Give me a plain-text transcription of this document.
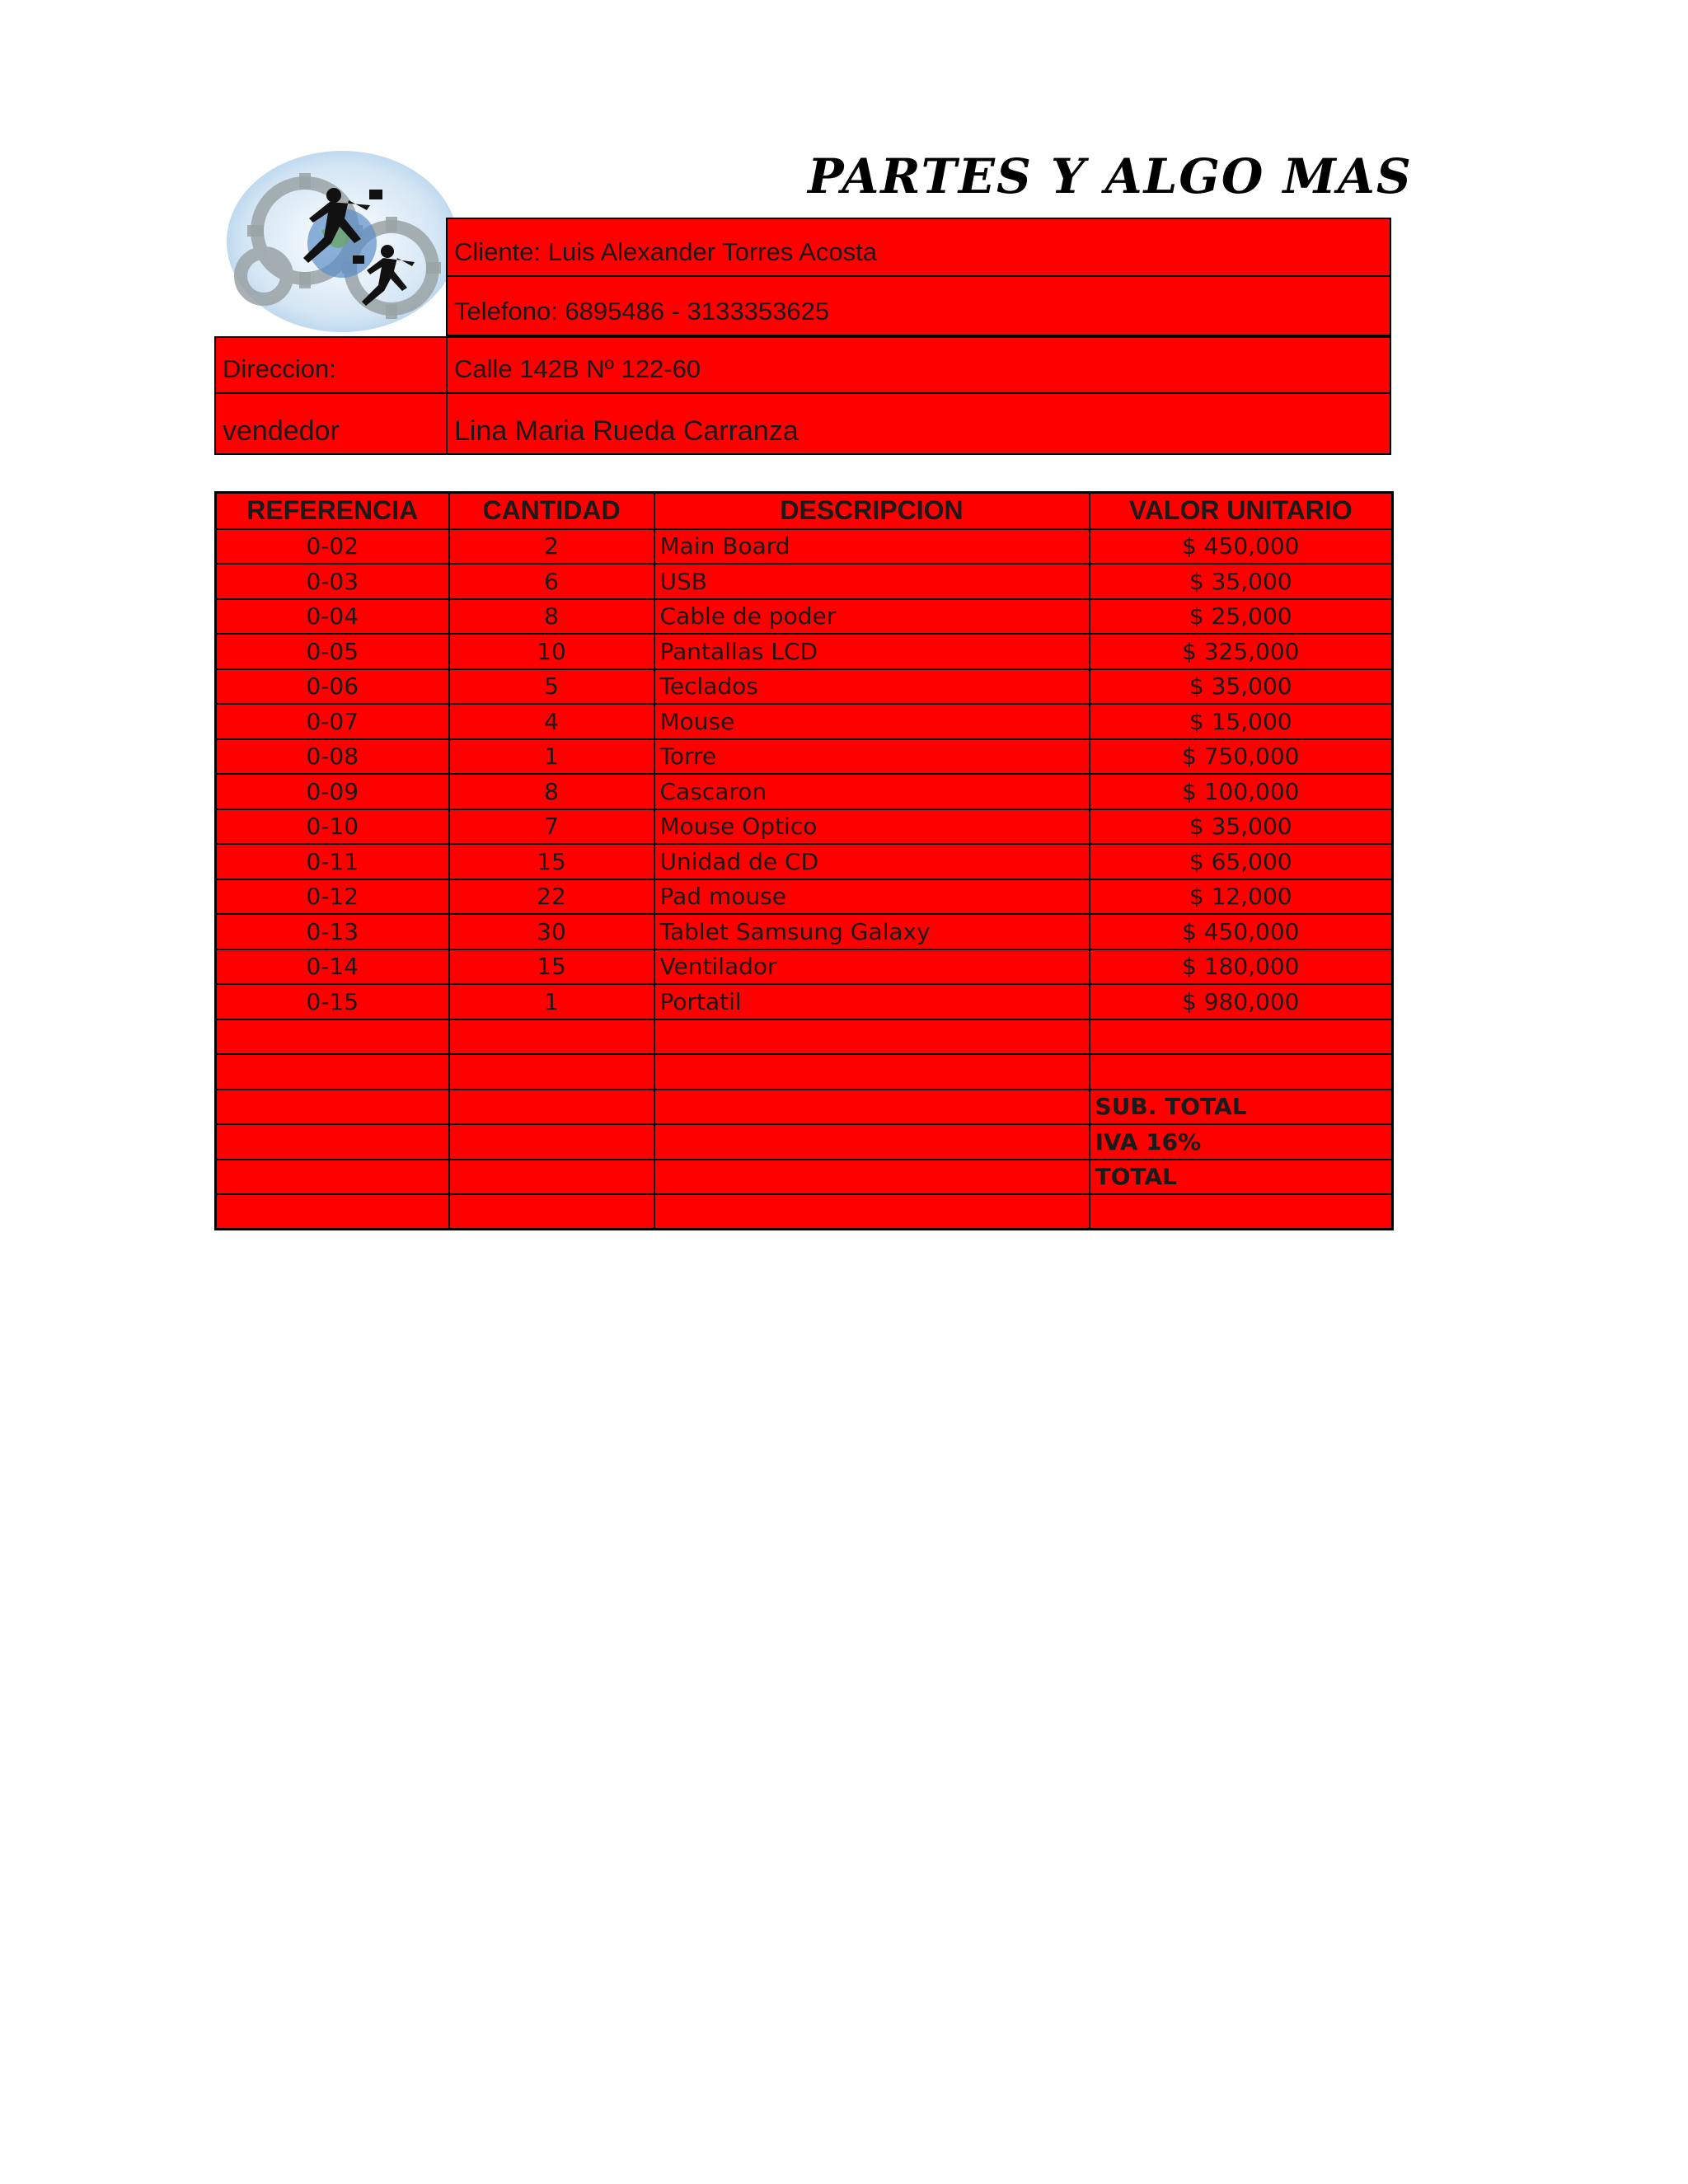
PARTES Y ALGO MAS
Cliente: Luis Alexander Torres Acosta
Telefono: 6895486 - 3133353625
Direccion:	Calle 142B Nº 122-60
vendedor	Lina Maria Rueda Carranza
REFERENCIA	CANTIDAD	DESCRIPCION	VALOR UNITARIO
0-02	2	Main Board	$ 450,000
0-03	6	USB	$ 35,000
0-04	8	Cable de poder	$ 25,000
0-05	10	Pantallas LCD	$ 325,000
0-06	5	Teclados	$ 35,000
0-07	4	Mouse	$ 15,000
0-08	1	Torre	$ 750,000
0-09	8	Cascaron	$ 100,000
0-10	7	Mouse Optico	$ 35,000
0-11	15	Unidad de CD	$ 65,000
0-12	22	Pad mouse	$ 12,000
0-13	30	Tablet Samsung Galaxy	$ 450,000
0-14	15	Ventilador	$ 180,000
0-15	1	Portatil	$ 980,000

			SUB. TOTAL
			IVA 16%
			TOTAL
